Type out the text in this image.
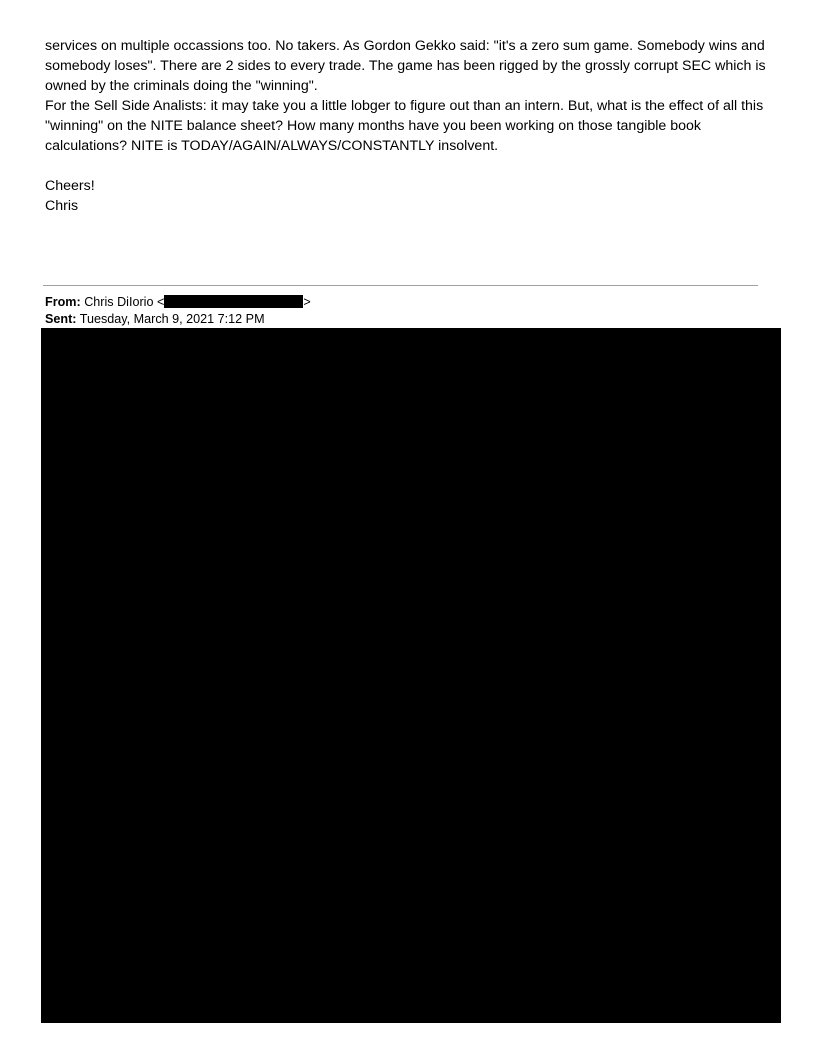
services on multiple occassions too. No takers. As Gordon Gekko said: "it's a zero sum game. Somebody wins and somebody loses". There are 2 sides to every trade. The game has been rigged by the grossly corrupt SEC which is owned by the criminals doing the "winning".

For the Sell Side Analists: it may take you a little lobger to figure out than an intern. But, what is the effect of all this "winning" on the NITE balance sheet? How many months have you been working on those tangible book calculations? NITE is TODAY/AGAIN/ALWAYS/CONSTANTLY insolvent.

Cheers!

Chris

From: Chris DiIorio <	>
Sent: Tuesday, March 9, 2021 7:12 PM
